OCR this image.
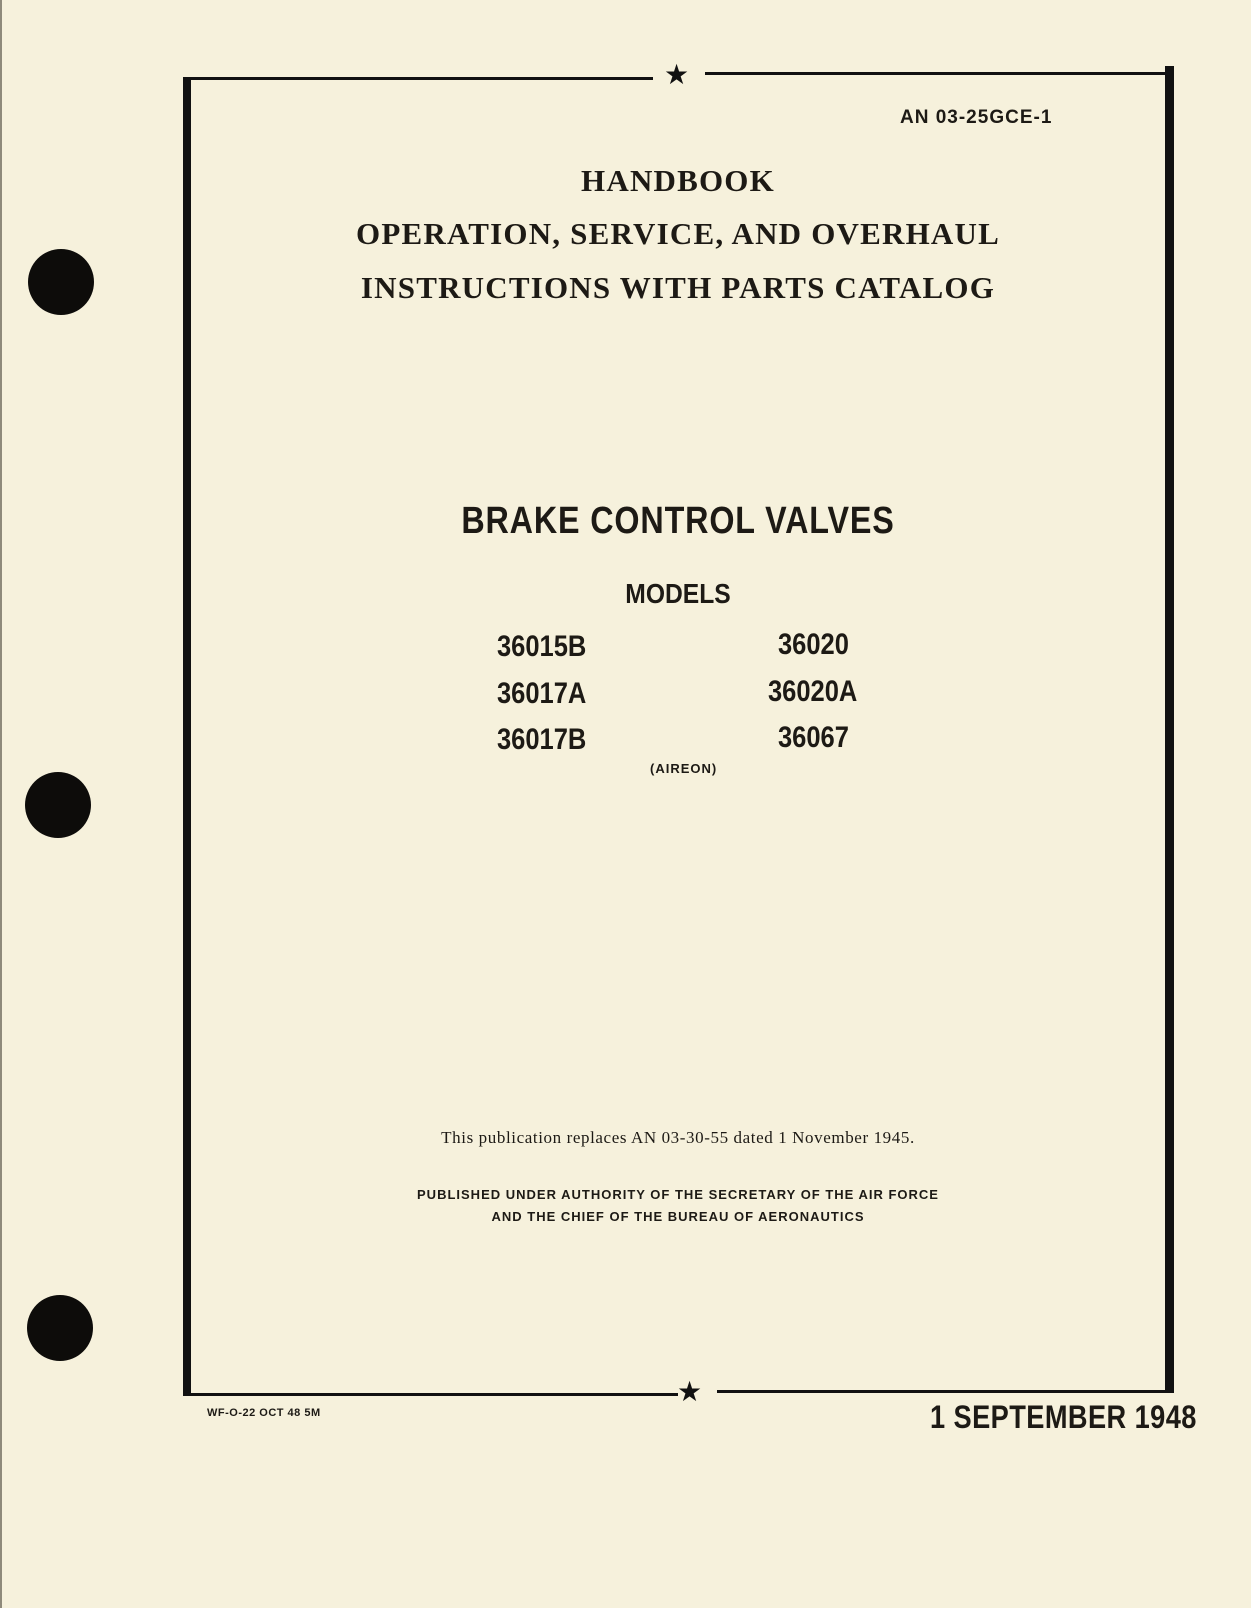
★
★
AN 03-25GCE-1
HANDBOOK
OPERATION, SERVICE, AND OVERHAUL
INSTRUCTIONS WITH PARTS CATALOG
BRAKE CONTROL VALVES
MODELS
36015B
36017A
36017B
36020
36020A
36067
(AIREON)
This publication replaces AN 03-30-55 dated 1 November 1945.
PUBLISHED UNDER AUTHORITY OF THE SECRETARY OF THE AIR FORCE
AND THE CHIEF OF THE BUREAU OF AERONAUTICS
WF-O-22 OCT 48 5M	1 SEPTEMBER 1948
